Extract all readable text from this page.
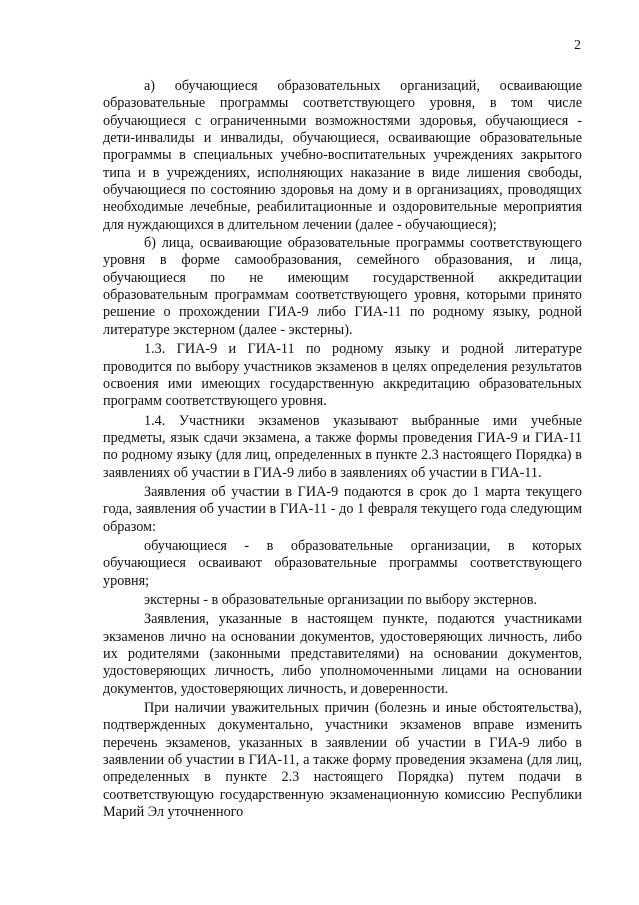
2

а) обучающиеся образовательных организаций, осваивающие образовательные программы соответствующего уровня, в том числе обучающиеся с ограниченными возможностями здоровья, обучающиеся - дети-инвалиды и инвалиды, обучающиеся, осваивающие образовательные программы в специальных учебно-воспитательных учреждениях закрытого типа и в учреждениях, исполняющих наказание в виде лишения свободы, обучающиеся по состоянию здоровья на дому и в организациях, проводящих необходимые лечебные, реабилитационные и оздоровительные мероприятия для нуждающихся в длительном лечении (далее - обучающиеся);

б) лица, осваивающие образовательные программы соответствующего уровня в форме самообразования, семейного образования, и лица, обучающиеся по не имеющим государственной аккредитации образовательным программам соответствующего уровня, которыми принято решение о прохождении ГИА-9 либо ГИА-11 по родному языку, родной литературе экстерном (далее - экстерны).

1.3. ГИА-9 и ГИА-11 по родному языку и родной литературе проводится по выбору участников экзаменов в целях определения результатов освоения ими имеющих государственную аккредитацию образовательных программ соответствующего уровня.

1.4. Участники экзаменов указывают выбранные ими учебные предметы, язык сдачи экзамена, а также формы проведения ГИА-9 и ГИА-11 по родному языку (для лиц, определенных в пункте 2.3 настоящего Порядка) в заявлениях об участии в ГИА-9 либо в заявлениях об участии в ГИА-11.

Заявления об участии в ГИА-9 подаются в срок до 1 марта текущего года, заявления об участии в ГИА-11 - до 1 февраля текущего года следующим образом:

обучающиеся - в образовательные организации, в которых обучающиеся осваивают образовательные программы соответствующего уровня;

экстерны - в образовательные организации по выбору экстернов.

Заявления, указанные в настоящем пункте, подаются участниками экзаменов лично на основании документов, удостоверяющих личность, либо их родителями (законными представителями) на основании документов, удостоверяющих личность, либо уполномоченными лицами на основании документов, удостоверяющих личность, и доверенности.

При наличии уважительных причин (болезнь и иные обстоятельства), подтвержденных документально, участники экзаменов вправе изменить перечень экзаменов, указанных в заявлении об участии в ГИА-9 либо в заявлении об участии в ГИА-11, а также форму проведения экзамена (для лиц, определенных в пункте 2.3 настоящего Порядка) путем подачи в соответствующую государственную экзаменационную комиссию Республики Марий Эл уточненного
